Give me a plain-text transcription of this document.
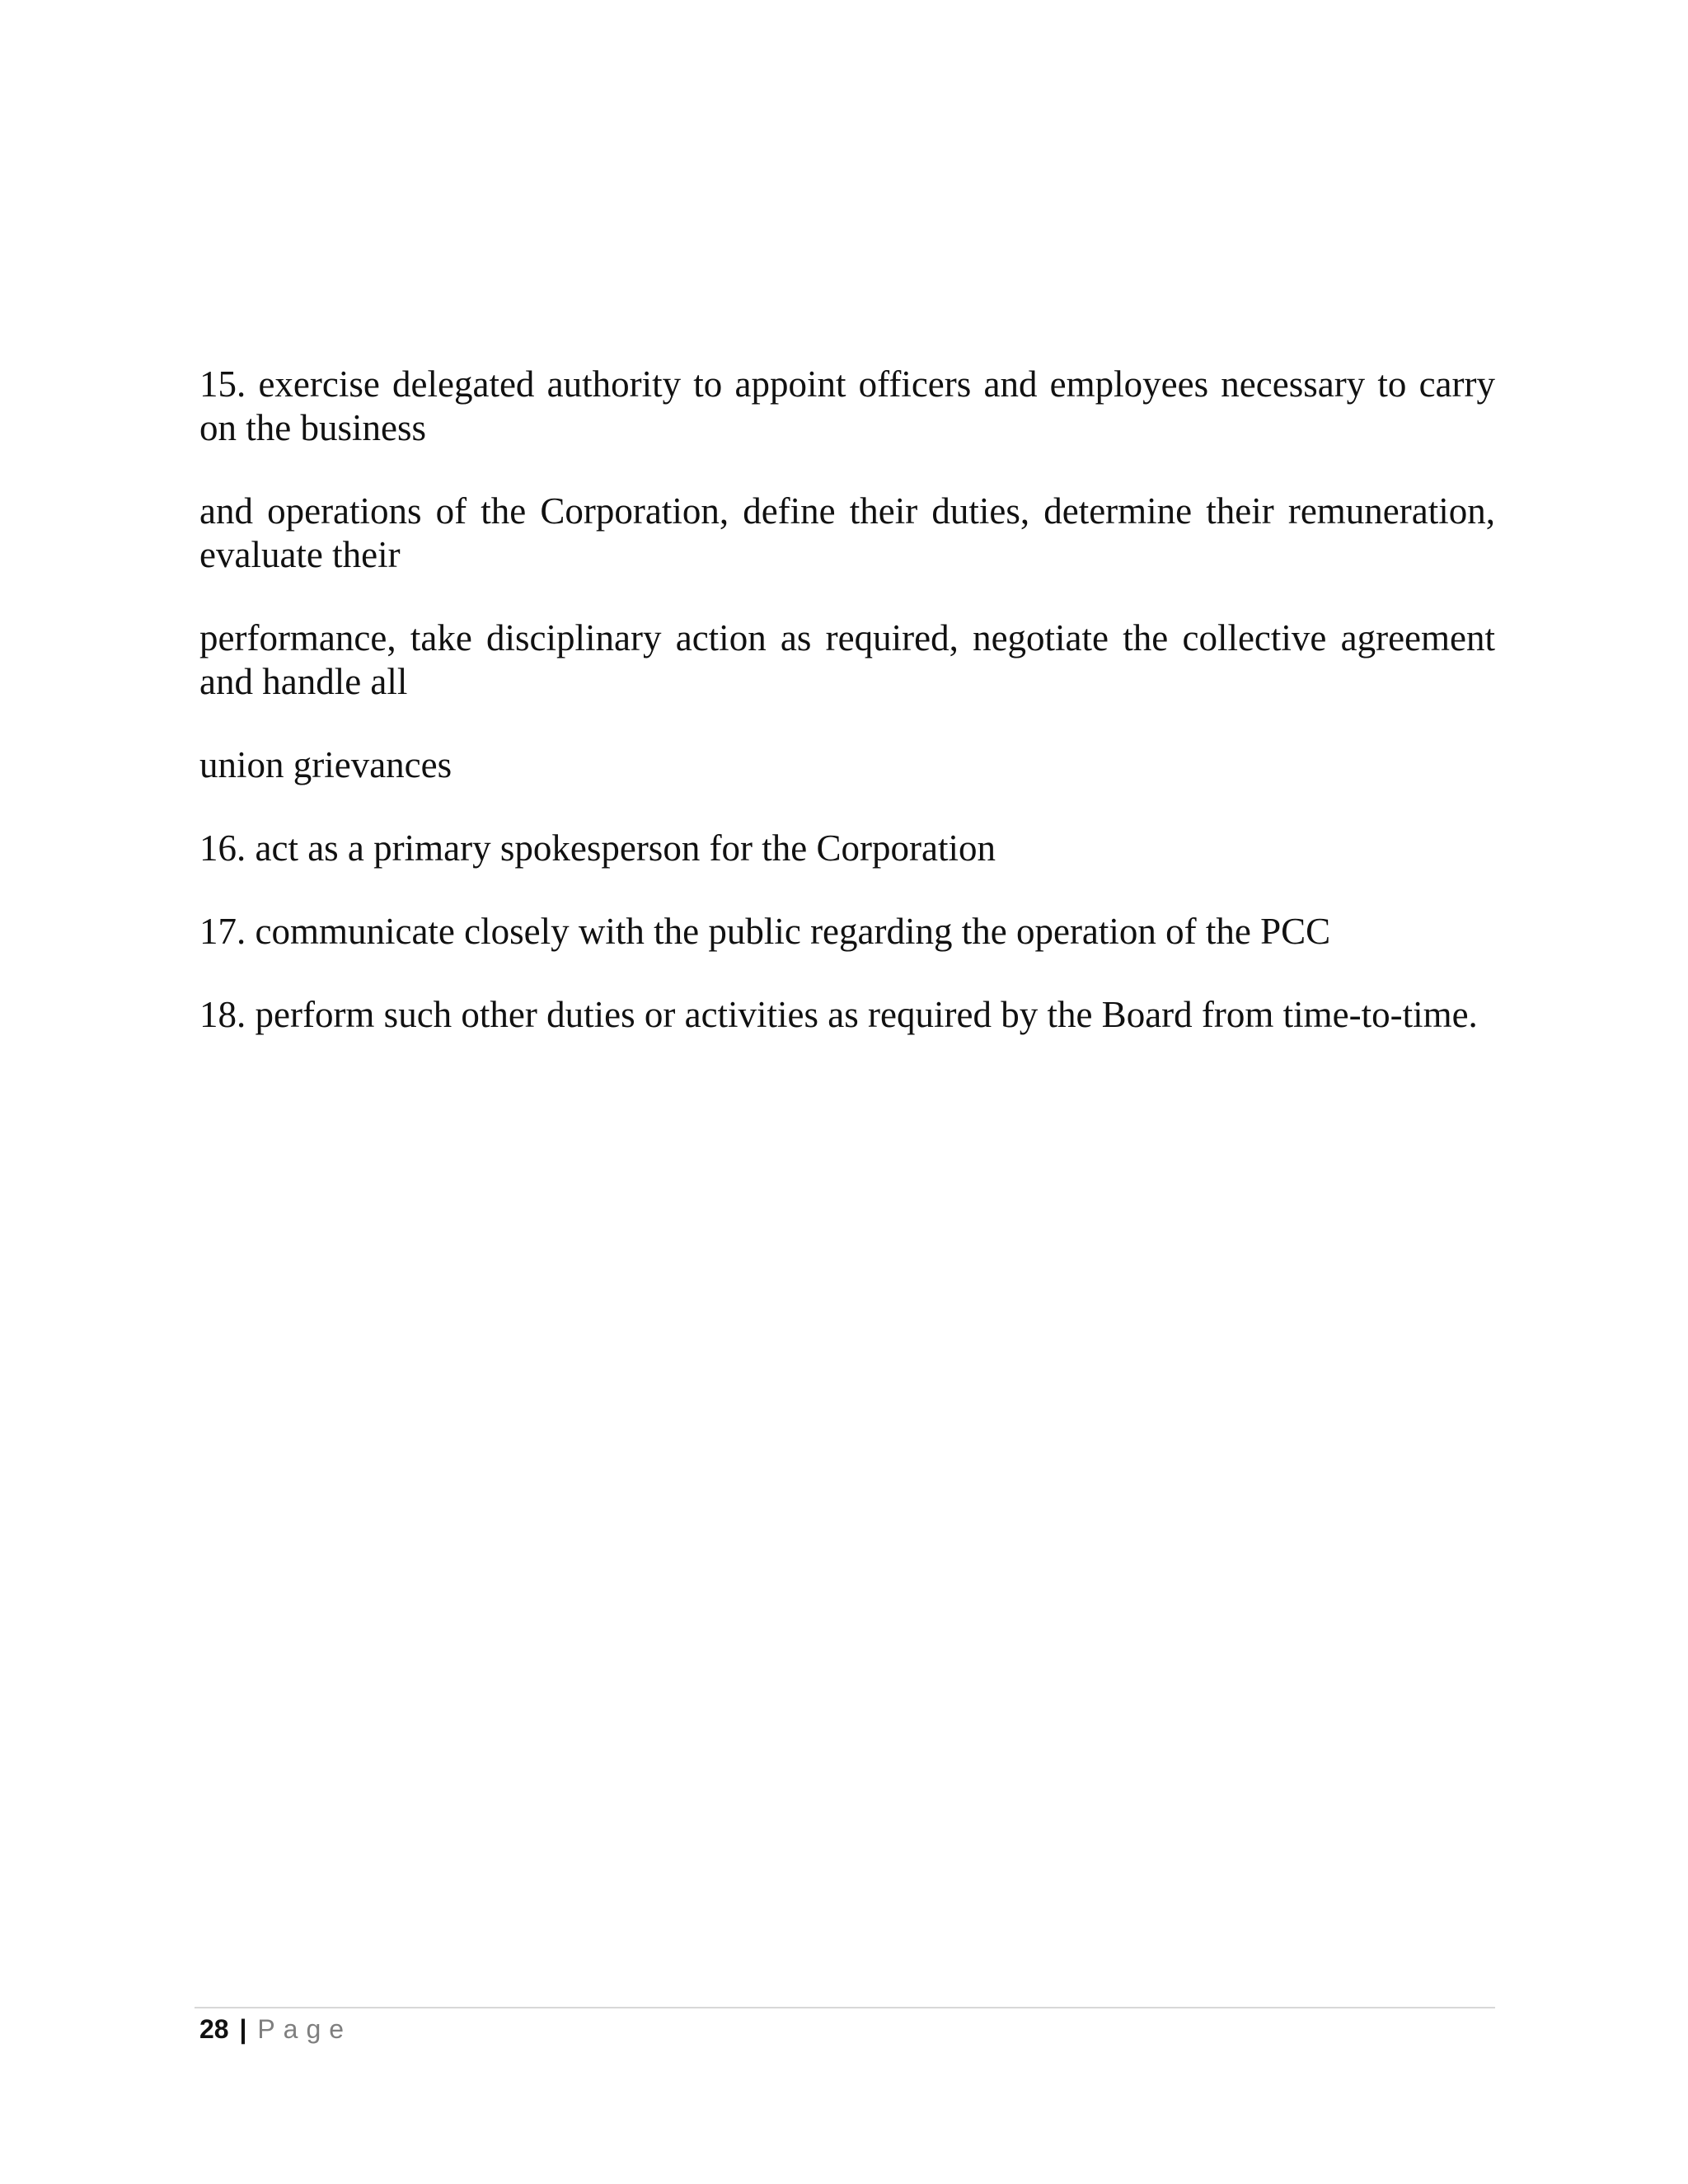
15. exercise delegated authority to appoint officers and employees necessary to carry on the business

and operations of the Corporation, define their duties, determine their remuneration, evaluate their

performance, take disciplinary action as required, negotiate the collective agreement and handle all

union grievances

16. act as a primary spokesperson for the Corporation

17. communicate closely with the public regarding the operation of the PCC

18. perform such other duties or activities as required by the Board from time-to-time.

28 | Page
